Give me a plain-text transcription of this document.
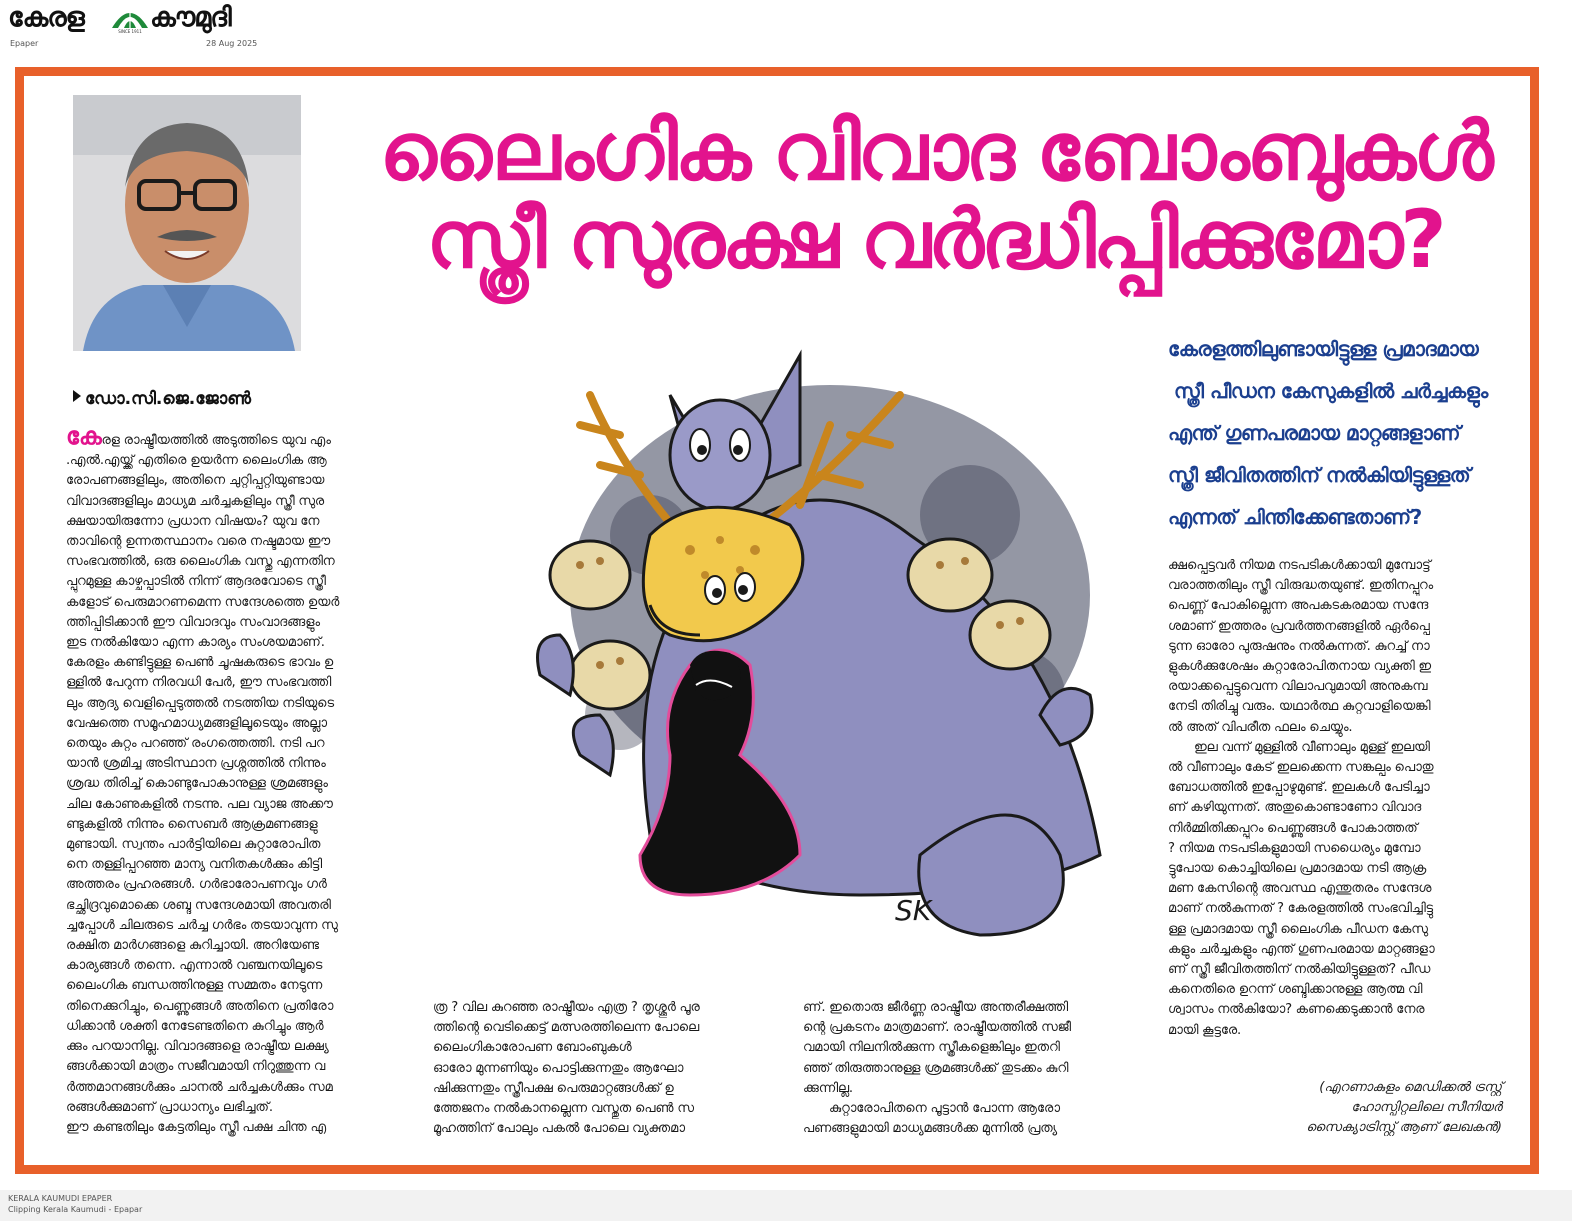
കേരള കൗമുദി
SINCE 1911
Epaper	28 Aug 2025
ലൈംഗിക വിവാദ ബോംബുകൾ
സ്ത്രീ സുരക്ഷ വർദ്ധിപ്പിക്കുമോ?
കേരളത്തിലുണ്ടായിട്ടുള്ള പ്രമാദമായ
സ്ത്രീ പീഡന കേസുകളിൽ ചർച്ചകളും
എന്ത് ഗുണപരമായ മാറ്റങ്ങളാണ്
സ്ത്രീ ജീവിതത്തിന് നൽകിയിട്ടുള്ളത്
എന്നത് ചിന്തിക്കേണ്ടതാണ്?
ഡോ.സി.ജെ.ജോൺ
SK
കേരള രാഷ്ട്രീയത്തിൽ അടുത്തിടെ യുവ എം
.എൽ.എയ്ക്ക് എതിരെ ഉയർന്ന ലൈംഗിക ആ
രോപണങ്ങളിലും, അതിനെ ചുറ്റിപ്പറ്റിയുണ്ടായ
വിവാദങ്ങളിലും മാധ്യമ ചർച്ചകളിലും സ്ത്രീ സുര
ക്ഷയായിരുന്നോ പ്രധാന വിഷയം? യുവ നേ
താവിന്റെ ഉന്നതസ്ഥാനം വരെ നഷ്ടമായ ഈ
സംഭവത്തിൽ, ഒരു ലൈംഗിക വസ്തു എന്നതിന
പ്പുറമുള്ള കാഴ്ചപ്പാടിൽ നിന്ന് ആദരവോടെ സ്ത്രീ
കളോട് പെരുമാറണമെന്ന സന്ദേശത്തെ ഉയർ
ത്തിപ്പിടിക്കാൻ ഈ വിവാദവും സംവാദങ്ങളും
ഇട നൽകിയോ എന്ന കാര്യം സംശയമാണ്.
കേരളം കണ്ടിട്ടുള്ള പെൺ ചൂഷകരുടെ ഭാവം ഉ
ള്ളിൽ പേറുന്ന നിരവധി പേർ, ഈ സംഭവത്തി
ലും ആദ്യ വെളിപ്പെടുത്തൽ നടത്തിയ നടിയുടെ
വേഷത്തെ സമൂഹമാധ്യമങ്ങളിലൂടെയും അല്ലാ
തെയും കുറ്റം പറഞ്ഞ് രംഗത്തെത്തി. നടി പറ
യാൻ ശ്രമിച്ച അടിസ്ഥാന പ്രശ്നത്തിൽ നിന്നും
ശ്രദ്ധ തിരിച്ച് കൊണ്ടുപോകാനുള്ള ശ്രമങ്ങളും
ചില കോണുകളിൽ നടന്നു. പല വ്യാജ അക്കൗ
ണ്ടുകളിൽ നിന്നും സൈബർ ആക്രമണങ്ങളു
മുണ്ടായി. സ്വന്തം പാർട്ടിയിലെ കുറ്റാരോപിത
നെ തള്ളിപ്പറഞ്ഞ മാന്യ വനിതകൾക്കും കിട്ടി
അത്തരം പ്രഹരങ്ങൾ. ഗർഭാരോപണവും ഗർ
ഭച്ഛിദ്രവുമൊക്കെ ശബ്ദ സന്ദേശമായി അവതരി
ച്ചപ്പോൾ ചിലരുടെ ചർച്ച ഗർഭം തടയാവുന്ന സു
രക്ഷിത മാർഗങ്ങളെ കുറിച്ചായി. അറിയേണ്ട
കാര്യങ്ങൾ തന്നെ. എന്നാൽ വഞ്ചനയിലൂടെ
ലൈംഗിക ബന്ധത്തിനുള്ള സമ്മതം നേടുന്ന
തിനെക്കുറിച്ചും, പെണ്ണുങ്ങൾ അതിനെ പ്രതിരോ
ധിക്കാൻ ശക്തി നേടേണ്ടതിനെ കുറിച്ചും ആർ
ക്കും പറയാനില്ല. വിവാദങ്ങളെ രാഷ്ട്രീയ ലക്ഷ്യ
ങ്ങൾക്കായി മാത്രം സജീവമായി നിറുത്തുന്ന വ
ർത്തമാനങ്ങൾക്കും ചാനൽ ചർച്ചകൾക്കും സമ
രങ്ങൾക്കുമാണ് പ്രാധാന്യം ലഭിച്ചത്.
ഈ കണ്ടതിലും കേട്ടതിലും സ്ത്രീ പക്ഷ ചിന്ത എ
ത്ര ? വില കുറഞ്ഞ രാഷ്ട്രീയം എത്ര ? തൃശ്ശൂർ പൂര
ത്തിന്റെ വെടിക്കെട്ട് മത്സരത്തിലെന്ന പോലെ
ലൈംഗികാരോപണ ബോംബുകൾ
ഓരോ മുന്നണിയും പൊട്ടിക്കുന്നതും ആഘോ
ഷിക്കുന്നതും സ്ത്രീപക്ഷ പെരുമാറ്റങ്ങൾക്ക് ഉ
ത്തേജനം നൽകാനല്ലെന്ന വസ്തുത പെൺ സ
മൂഹത്തിന് പോലും പകൽ പോലെ വ്യക്തമാ
ണ്. ഇതൊരു ജീർണ്ണ രാഷ്ട്രീയ അന്തരീക്ഷത്തി
ന്റെ പ്രകടനം മാത്രമാണ്. രാഷ്ട്രീയത്തിൽ സജീ
വമായി നിലനിൽക്കുന്ന സ്ത്രീകളെങ്കിലും ഇതറി
ഞ്ഞ് തിരുത്താനുള്ള ശ്രമങ്ങൾക്ക് തുടക്കം കുറി
ക്കുന്നില്ല.
കുറ്റാരോപിതനെ പൂട്ടാൻ പോന്ന ആരോ
പണങ്ങളുമായി മാധ്യമങ്ങൾക്ക മുന്നിൽ പ്രത്യ
ക്ഷപ്പെട്ടവർ നിയമ നടപടികൾക്കായി മുമ്പോട്ട്
വരാത്തതിലും സ്ത്രീ വിരുദ്ധതയുണ്ട്. ഇതിനപ്പുറം
പെണ്ണ് പോകില്ലെന്ന അപകടകരമായ സന്ദേ
ശമാണ് ഇത്തരം പ്രവർത്തനങ്ങളിൽ ഏർപ്പെ
ടുന്ന ഓരോ പുരുഷനും നൽകുന്നത്. കുറച്ച് നാ
ളുകൾക്കുശേഷം കുറ്റാരോപിതനായ വ്യക്തി ഇ
രയാക്കപ്പെട്ടുവെന്ന വിലാപവുമായി അനുകമ്പ
നേടി തിരിച്ചു വരും. യഥാർത്ഥ കുറ്റവാളിയെങ്കി
ൽ അത് വിപരീത ഫലം ചെയ്യും.
ഇല വന്ന് മുള്ളിൽ വീണാലും മുള്ള് ഇലയി
ൽ വീണാലും കേട് ഇലക്കെന്ന സങ്കല്പം പൊതു
ബോധത്തിൽ ഇപ്പോഴുമുണ്ട്. ഇലകൾ പേടിച്ചാ
ണ് കഴിയുന്നത്. അതുകൊണ്ടാണോ വിവാദ
നിർമ്മിതിക്കപ്പുറം പെണ്ണുങ്ങൾ പോകാത്തത്
? നിയമ നടപടികളുമായി സധൈര്യം മുമ്പോ
ട്ടുപോയ കൊച്ചിയിലെ പ്രമാദമായ നടി ആക്ര
മണ കേസിന്റെ അവസ്ഥ എന്തുതരം സന്ദേശ
മാണ് നൽകുന്നത് ? കേരളത്തിൽ സംഭവിച്ചിട്ടു
ള്ള പ്രമാദമായ സ്ത്രീ ലൈംഗിക പീഡന കേസു
കളും ചർച്ചകളും എന്ത് ഗുണപരമായ മാറ്റങ്ങളാ
ണ് സ്ത്രീ ജീവിതത്തിന് നൽകിയിട്ടുള്ളത്? പീഡ
കനെതിരെ ഉറന്ന് ശബ്ദിക്കാനുള്ള ആത്മ വി
ശ്വാസം നൽകിയോ? കണക്കെടുക്കാൻ നേര
മായി കൂട്ടരേ.
(എറണാകുളം മെഡിക്കൽ ട്രസ്റ്റ്
ഹോസ്പിറ്റലിലെ സീനിയർ
സൈക്യാട്രിസ്റ്റ് ആണ് ലേഖകൻ)
KERALA KAUMUDI EPAPER
Clipping Kerala Kaumudi - Epapar
